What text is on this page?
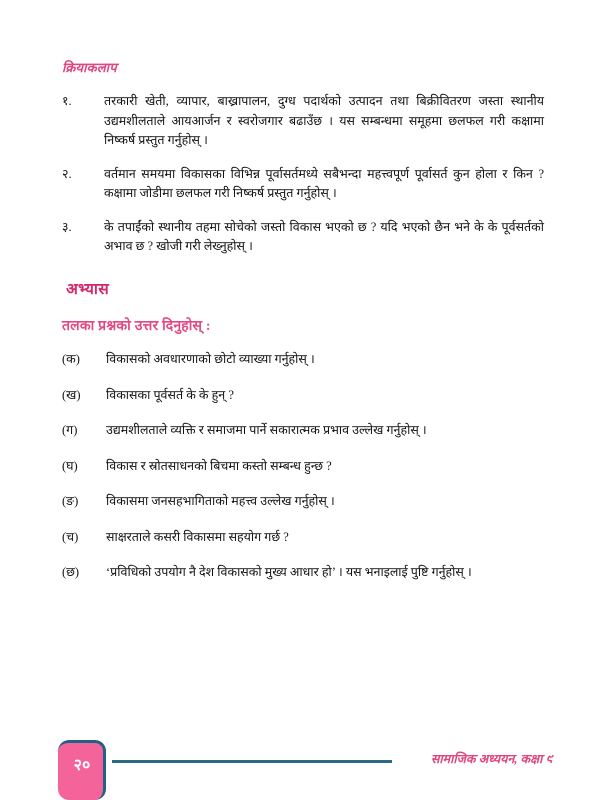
क्रियाकलाप
१.	तरकारी खेती, व्यापार, बाख्रापालन, दुग्ध पदार्थको उत्पादन तथा बिक्रीवितरण जस्ता स्थानीय उद्यमशीलताले आयआर्जन र स्वरोजगार बढाउँछ । यस सम्बन्धमा समूहमा छलफल गरी कक्षामा निष्कर्ष प्रस्तुत गर्नुहोस् ।
२.	वर्तमान समयमा विकासका विभिन्न पूर्वासर्तमध्ये सबैभन्दा महत्त्वपूर्ण पूर्वासर्त कुन होला र किन ? कक्षामा जोडीमा छलफल गरी निष्कर्ष प्रस्तुत गर्नुहोस् ।
३.	के तपाईंको स्थानीय तहमा सोचेको जस्तो विकास भएको छ ? यदि भएको छैन भने के के पूर्वसर्तको अभाव छ ? खोजी गरी लेख्नुहोस् ।
अभ्यास
तलका प्रश्नको उत्तर दिनुहोस् :
(क)	विकासको अवधारणाको छोटो व्याख्या गर्नुहोस् ।
(ख)	विकासका पूर्वसर्त के के हुन् ?
(ग)	उद्यमशीलताले व्यक्ति र समाजमा पार्ने सकारात्मक प्रभाव उल्लेख गर्नुहोस् ।
(घ)	विकास र स्रोतसाधनको बिचमा कस्तो सम्बन्ध हुन्छ ?
(ङ)	विकासमा जनसहभागिताको महत्त्व उल्लेख गर्नुहोस् ।
(च)	साक्षरताले कसरी विकासमा सहयोग गर्छ ?
(छ)	‘प्रविधिको उपयोग नै देश विकासको मुख्य आधार हो’ । यस भनाइलाई पुष्टि गर्नुहोस् ।
२०	सामाजिक अध्ययन, कक्षा ९
